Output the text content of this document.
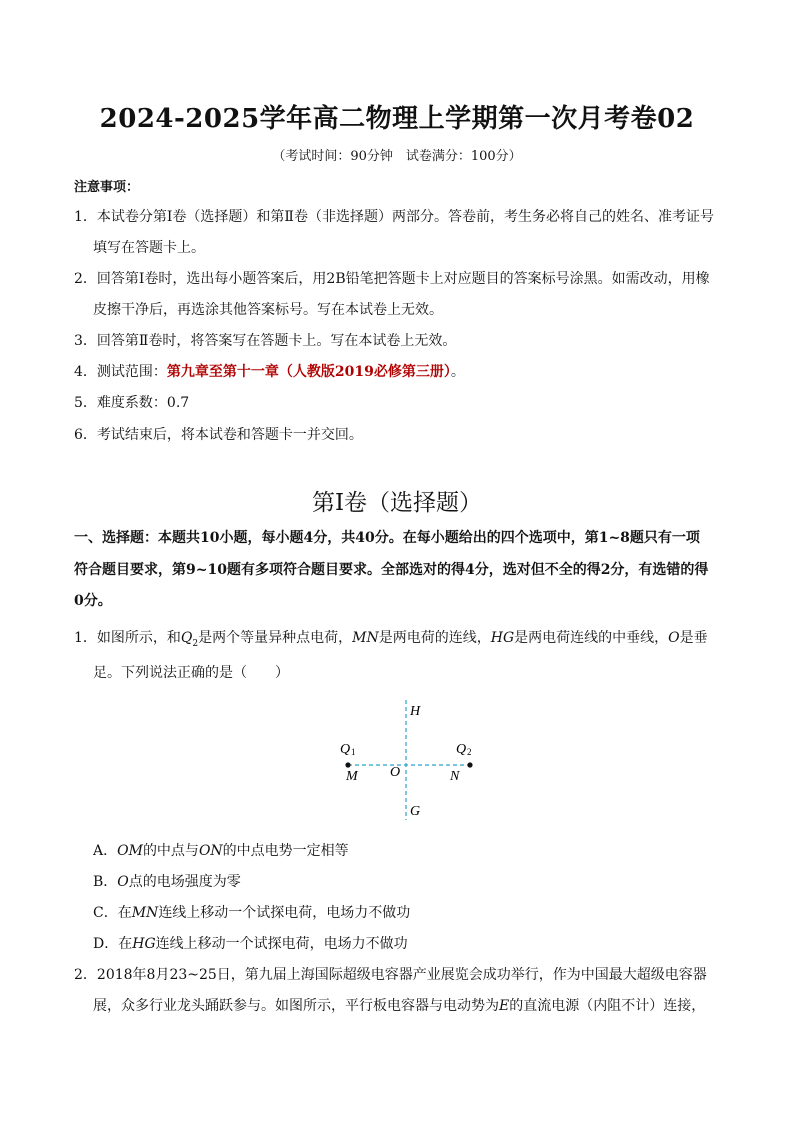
2024-2025学年高二物理上学期第一次月考卷02
（考试时间：90分钟　试卷满分：100分）
注意事项：
1．本试卷分第Ⅰ卷（选择题）和第Ⅱ卷（非选择题）两部分。答卷前，考生务必将自己的姓名、准考证号
填写在答题卡上。
2．回答第Ⅰ卷时，选出每小题答案后，用2B铅笔把答题卡上对应题目的答案标号涂黑。如需改动，用橡
皮擦干净后，再选涂其他答案标号。写在本试卷上无效。
3．回答第Ⅱ卷时，将答案写在答题卡上。写在本试卷上无效。
4．测试范围：第九章至第十一章（人教版2019必修第三册）。
5．难度系数：0.7
6．考试结束后，将本试卷和答题卡一并交回。
第Ⅰ卷（选择题）
一、选择题：本题共10小题，每小题4分，共40分。在每小题给出的四个选项中，第1~8题只有一项
符合题目要求，第9~10题有多项符合题目要求。全部选对的得4分，选对但不全的得2分，有选错的得
0分。
1．如图所示，和$Q_2$是两个等量异种点电荷，MN是两电荷的连线，HG是两电荷连线的中垂线，O是垂
足。下列说法正确的是（　　）
H
G
O
M	N
Q 1	Q 2
A．OM的中点与ON的中点电势一定相等
B．O点的电场强度为零
C．在MN连线上移动一个试探电荷，电场力不做功
D．在HG连线上移动一个试探电荷，电场力不做功
2．2018年8月23~25日，第九届上海国际超级电容器产业展览会成功举行，作为中国最大超级电容器
展，众多行业龙头踊跃参与。如图所示，平行板电容器与电动势为E的直流电源（内阻不计）连接，
